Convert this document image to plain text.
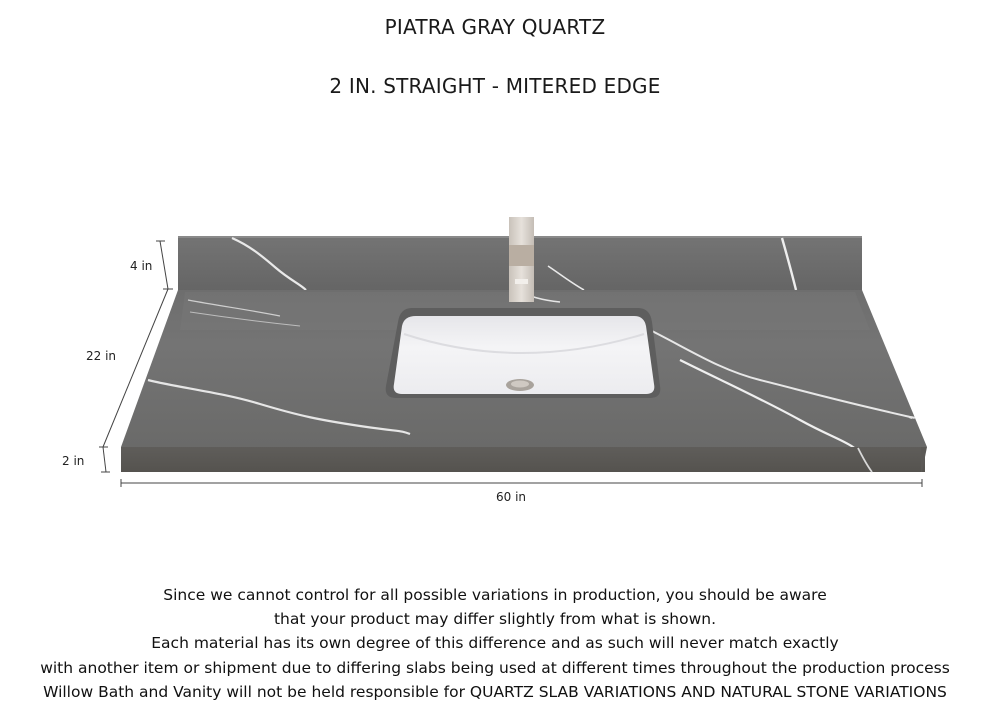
PIATRA GRAY QUARTZ
2 IN. STRAIGHT - MITERED EDGE
4 in
22 in
2 in
60 in
Since we cannot control for all possible variations in production, you should be aware
that your product may differ slightly from what is shown.
Each material has its own degree of this difference and as such will never match exactly
with another item or shipment due to differing slabs being used at different times throughout the production process
Willow Bath and Vanity will not be held responsible for QUARTZ SLAB VARIATIONS AND NATURAL STONE VARIATIONS
